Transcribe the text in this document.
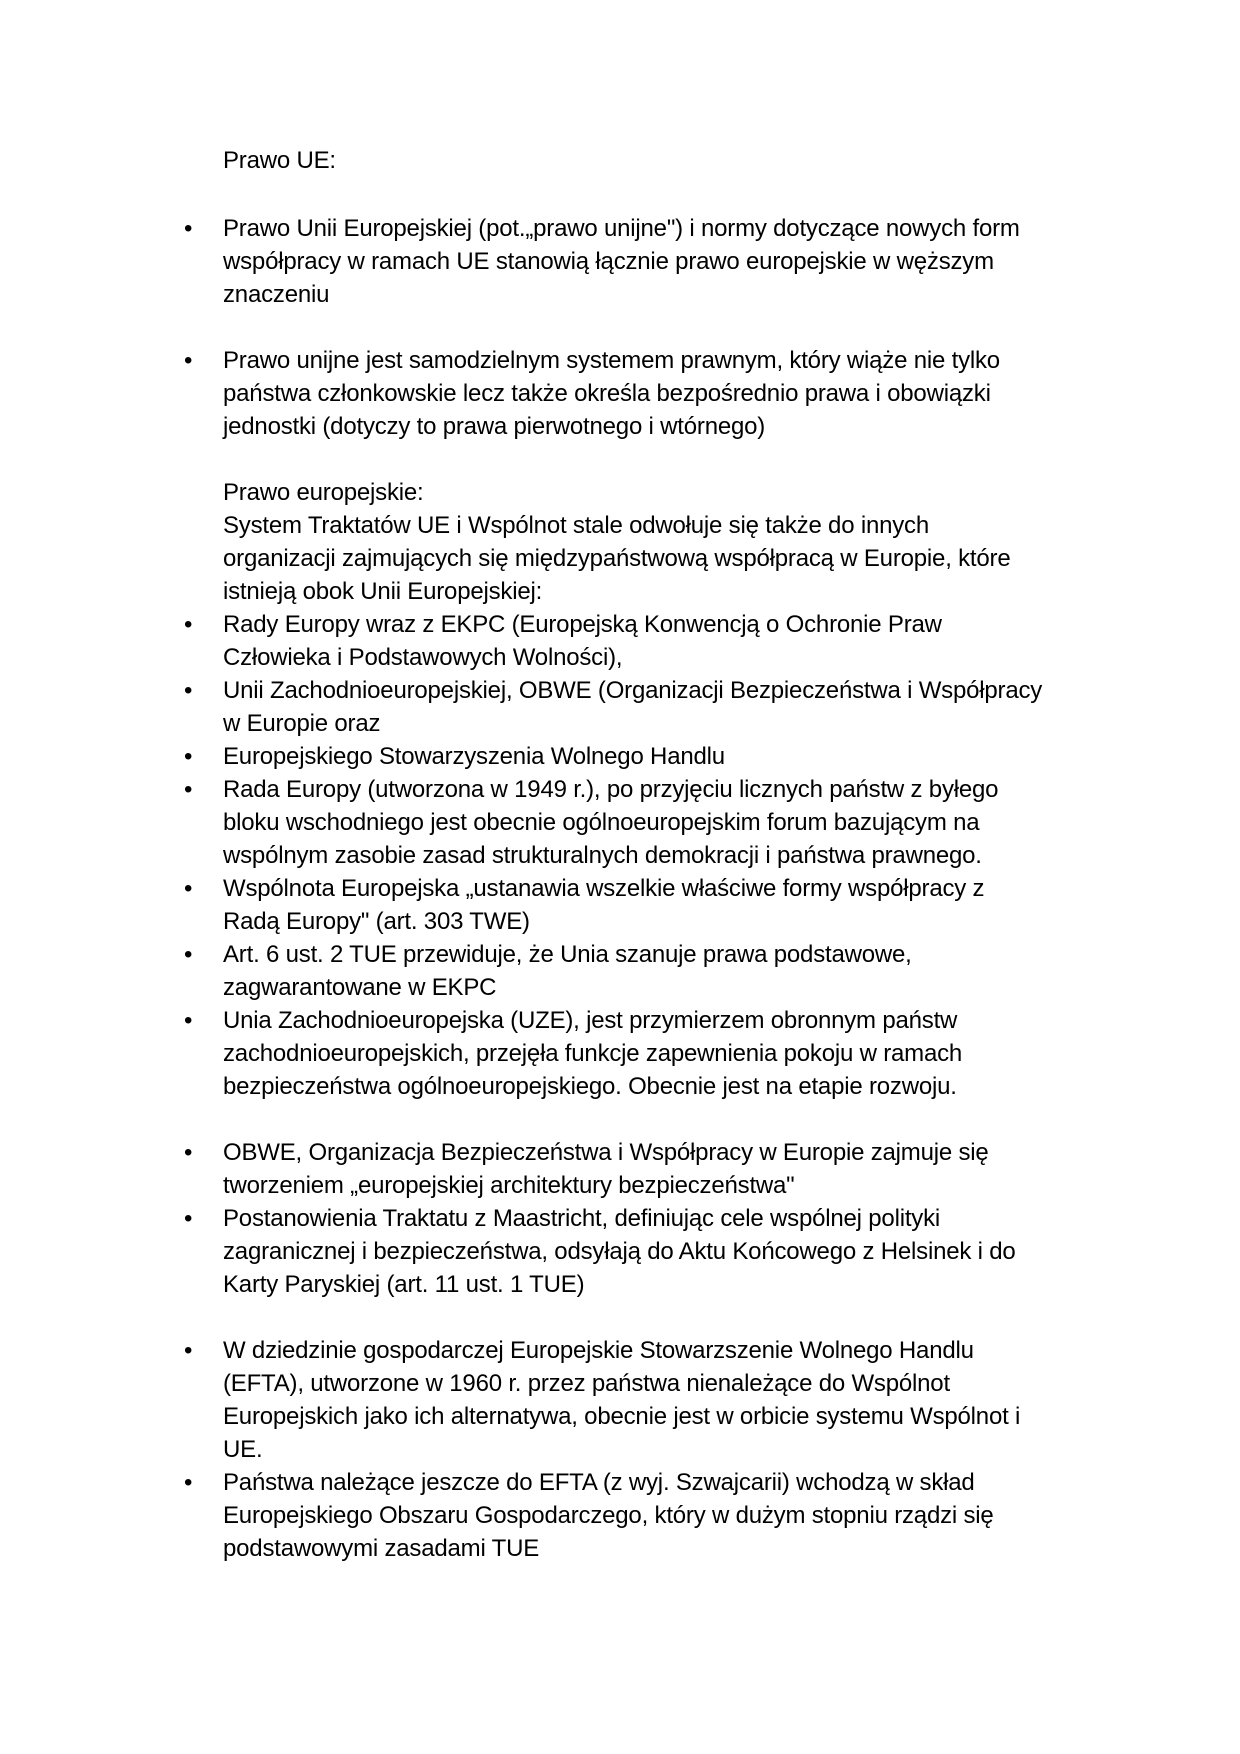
Prawo UE:
• Prawo Unii Europejskiej (pot.„prawo unijne") i normy dotyczące nowych form
współpracy w ramach UE stanowią łącznie prawo europejskie w węższym
znaczeniu
• Prawo unijne jest samodzielnym systemem prawnym, który wiąże nie tylko
państwa członkowskie lecz także określa bezpośrednio prawa i obowiązki
jednostki (dotyczy to prawa pierwotnego i wtórnego)
Prawo europejskie:
System Traktatów UE i Wspólnot stale odwołuje się także do innych
organizacji zajmujących się międzypaństwową współpracą w Europie, które
istnieją obok Unii Europejskiej:
• Rady Europy wraz z EKPC (Europejską Konwencją o Ochronie Praw
Człowieka i Podstawowych Wolności),
• Unii Zachodnioeuropejskiej, OBWE (Organizacji Bezpieczeństwa i Współpracy
w Europie oraz
• Europejskiego Stowarzyszenia Wolnego Handlu
• Rada Europy (utworzona w 1949 r.), po przyjęciu licznych państw z byłego
bloku wschodniego jest obecnie ogólnoeuropejskim forum bazującym na
wspólnym zasobie zasad strukturalnych demokracji i państwa prawnego.
• Wspólnota Europejska „ustanawia wszelkie właściwe formy współpracy z
Radą Europy" (art. 303 TWE)
• Art. 6 ust. 2 TUE przewiduje, że Unia szanuje prawa podstawowe,
zagwarantowane w EKPC
• Unia Zachodnioeuropejska (UZE), jest przymierzem obronnym państw
zachodnioeuropejskich, przejęła funkcje zapewnienia pokoju w ramach
bezpieczeństwa ogólnoeuropejskiego. Obecnie jest na etapie rozwoju.
• OBWE, Organizacja Bezpieczeństwa i Współpracy w Europie zajmuje się
tworzeniem „europejskiej architektury bezpieczeństwa"
• Postanowienia Traktatu z Maastricht, definiując cele wspólnej polityki
zagranicznej i bezpieczeństwa, odsyłają do Aktu Końcowego z Helsinek i do
Karty Paryskiej (art. 11 ust. 1 TUE)
• W dziedzinie gospodarczej Europejskie Stowarzszenie Wolnego Handlu
(EFTA), utworzone w 1960 r. przez państwa nienależące do Wspólnot
Europejskich jako ich alternatywa, obecnie jest w orbicie systemu Wspólnot i
UE.
• Państwa należące jeszcze do EFTA (z wyj. Szwajcarii) wchodzą w skład
Europejskiego Obszaru Gospodarczego, który w dużym stopniu rządzi się
podstawowymi zasadami TUE
